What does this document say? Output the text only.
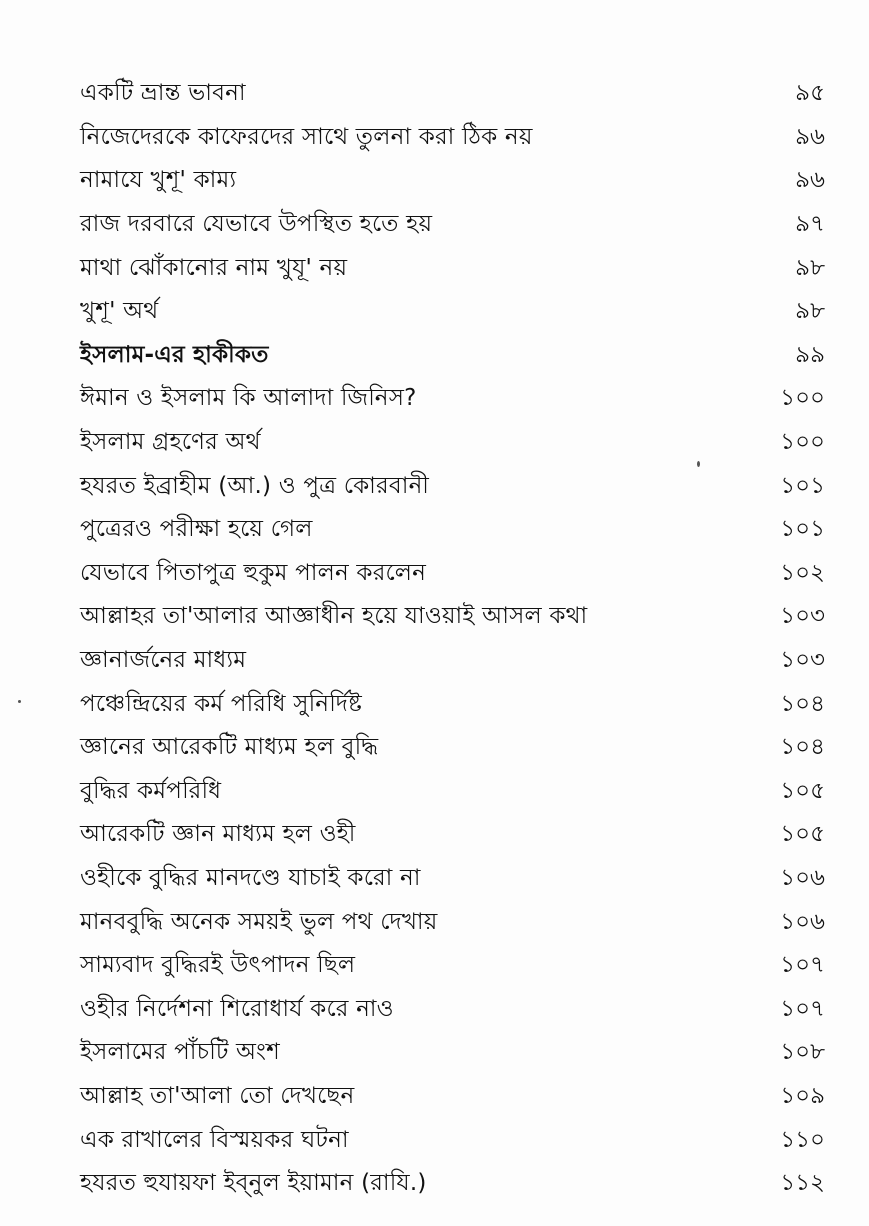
একটি ভ্রান্ত ভাবনা	৯৫
নিজেদেরকে কাফেরদের সাথে তুলনা করা ঠিক নয়	৯৬
নামাযে খুশূ' কাম্য	৯৬
রাজ দরবারে যেভাবে উপস্থিত হতে হয়	৯৭
মাথা ঝোঁকানোর নাম খুযূ' নয়	৯৮
খুশূ' অর্থ	৯৮
ইসলাম-এর হাকীকত	৯৯
ঈমান ও ইসলাম কি আলাদা জিনিস?	১০০
ইসলাম গ্রহণের অর্থ	১০০
হযরত ইব্রাহীম (আ.) ও পুত্র কোরবানী	১০১
পুত্রেরও পরীক্ষা হয়ে গেল	১০১
যেভাবে পিতাপুত্র হুকুম পালন করলেন	১০২
আল্লাহর তা'আলার আজ্ঞাধীন হয়ে যাওয়াই আসল কথা	১০৩
জ্ঞানার্জনের মাধ্যম	১০৩
পঞ্চেন্দ্রিয়ের কর্ম পরিধি সুনির্দিষ্ট	১০৪
জ্ঞানের আরেকটি মাধ্যম হল বুদ্ধি	১০৪
বুদ্ধির কর্মপরিধি	১০৫
আরেকটি জ্ঞান মাধ্যম হল ওহী	১০৫
ওহীকে বুদ্ধির মানদণ্ডে যাচাই করো না	১০৬
মানববুদ্ধি অনেক সময়ই ভুল পথ দেখায়	১০৬
সাম্যবাদ বুদ্ধিরই উৎপাদন ছিল	১০৭
ওহীর নির্দেশনা শিরোধার্য করে নাও	১০৭
ইসলামের পাঁচটি অংশ	১০৮
আল্লাহ তা'আলা তো দেখছেন	১০৯
এক রাখালের বিস্ময়কর ঘটনা	১১০
হযরত হুযায়ফা ইব্নুল ইয়ামান (রাযি.)	১১২
